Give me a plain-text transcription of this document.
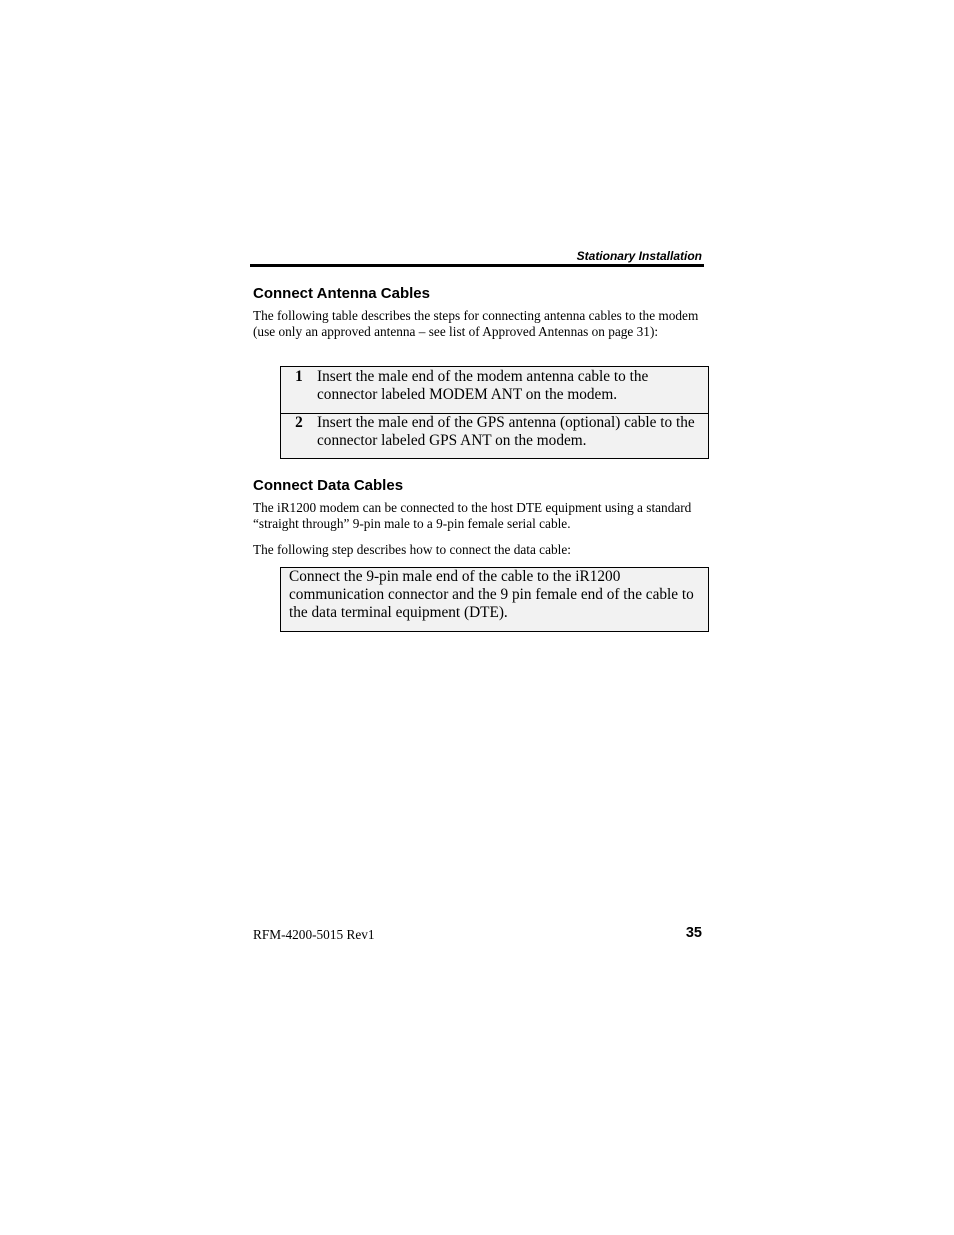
Stationary Installation
Connect Antenna Cables

The following table describes the steps for connecting antenna cables to the modem (use only an approved antenna – see list of Approved Antennas on page 31):

1 Insert the male end of the modem antenna cable to the connector labeled MODEM ANT on the modem.
2 Insert the male end of the GPS antenna (optional) cable to the connector labeled GPS ANT on the modem.
Connect Data Cables

The iR1200 modem can be connected to the host DTE equipment using a standard “straight through” 9-pin male to a 9-pin female serial cable.

The following step describes how to connect the data cable:

Connect the 9-pin male end of the cable to the iR1200 communication connector and the 9 pin female end of the cable to the data terminal equipment (DTE).
RFM-4200-5015 Rev1	35
